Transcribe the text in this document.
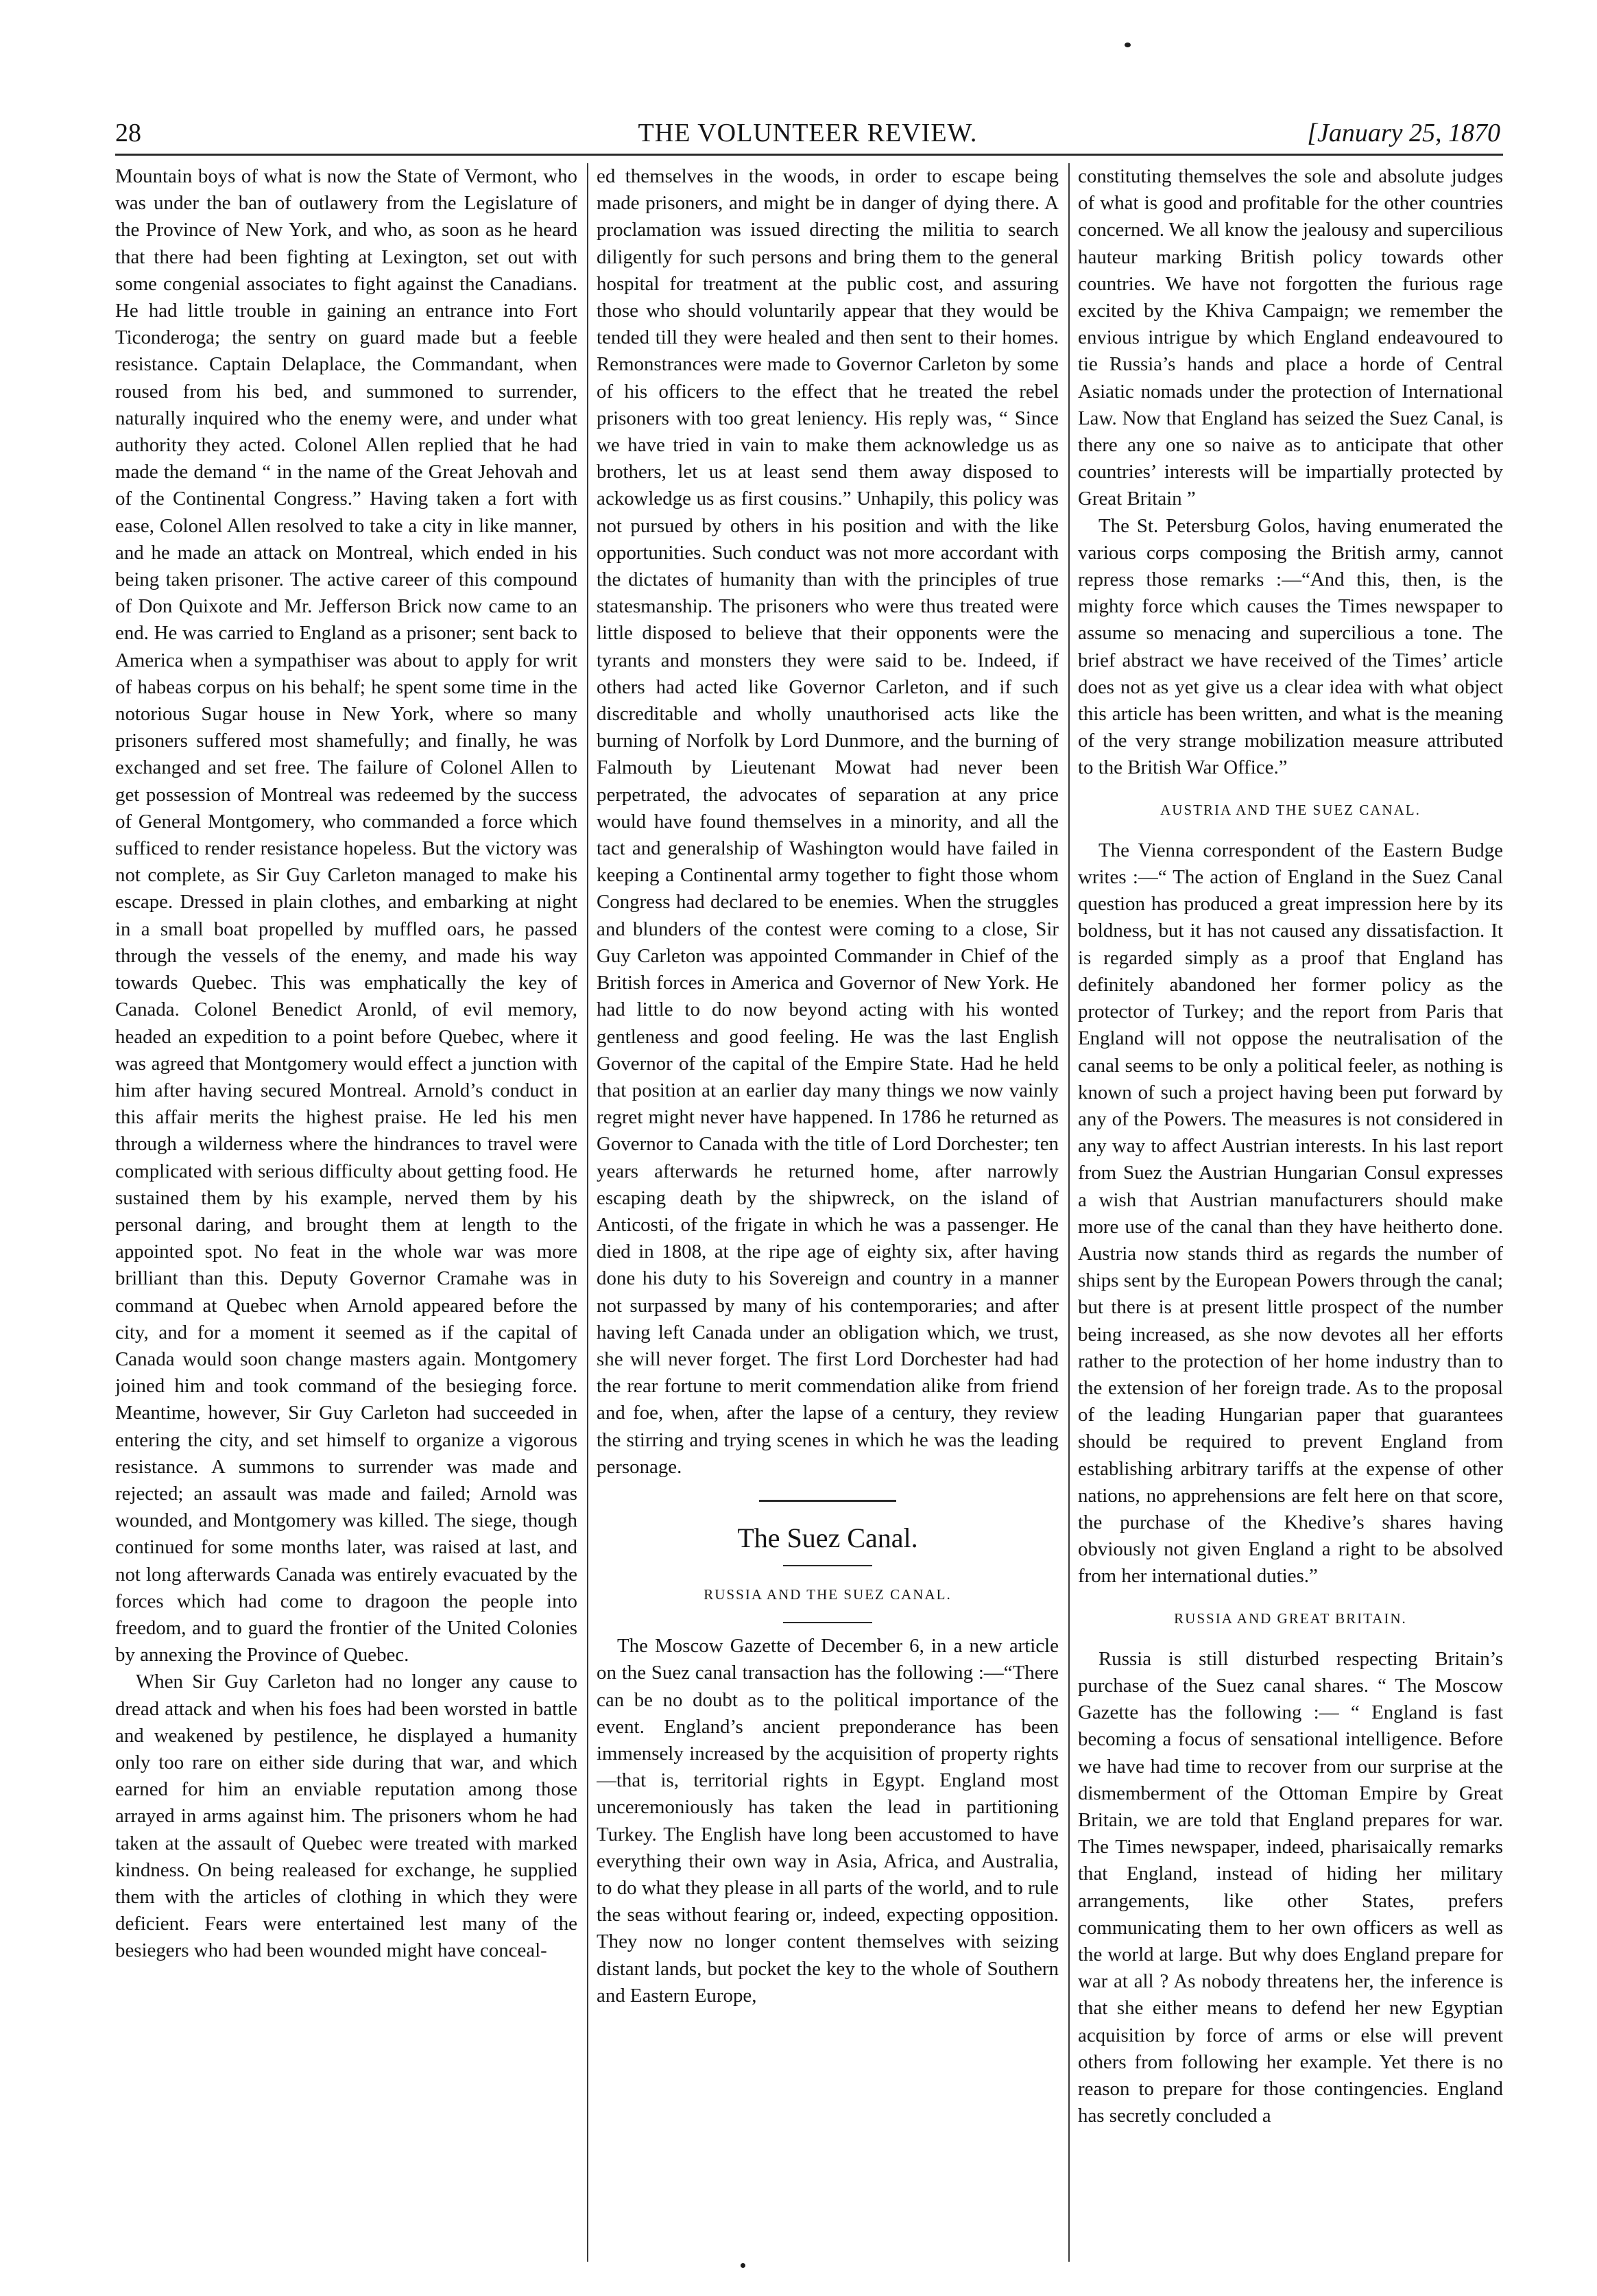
28	THE VOLUNTEER REVIEW.	[January 25, 1870

Mountain boys of what is now the State of Vermont, who was under the ban of outlawery from the Legislature of the Province of New York, and who, as soon as he heard that there had been fighting at Lexington, set out with some congenial associates to fight against the Canadians. He had little trouble in gaining an entrance into Fort Ticonderoga; the sentry on guard made but a feeble resistance. Captain Delaplace, the Commandant, when roused from his bed, and summoned to surrender, naturally inquired who the enemy were, and under what authority they acted. Colonel Allen replied that he had made the demand “ in the name of the Great Jehovah and of the Continental Congress.” Having taken a fort with ease, Colonel Allen resolved to take a city in like manner, and he made an attack on Montreal, which ended in his being taken prisoner. The active career of this compound of Don Quixote and Mr. Jefferson Brick now came to an end. He was carried to England as a prisoner; sent back to America when a sympathiser was about to apply for writ of habeas corpus on his behalf; he spent some time in the notorious Sugar house in New York, where so many prisoners suffered most shamefully; and finally, he was exchanged and set free. The failure of Colonel Allen to get possession of Montreal was redeemed by the success of General Montgomery, who commanded a force which sufficed to render resistance hopeless. But the victory was not complete, as Sir Guy Carleton managed to make his escape. Dressed in plain clothes, and embarking at night in a small boat propelled by muffled oars, he passed through the vessels of the enemy, and made his way towards Quebec. This was emphatically the key of Canada. Colonel Benedict Aronld, of evil memory, headed an expedition to a point before Quebec, where it was agreed that Montgomery would effect a junction with him after having secured Montreal. Arnold’s conduct in this affair merits the highest praise. He led his men through a wilderness where the hindrances to travel were complicated with serious difficulty about getting food. He sustained them by his example, nerved them by his personal daring, and brought them at length to the appointed spot. No feat in the whole war was more brilliant than this. Deputy Governor Cramahe was in command at Quebec when Arnold appeared before the city, and for a moment it seemed as if the capital of Canada would soon change masters again. Montgomery joined him and took command of the besieging force. Meantime, however, Sir Guy Carleton had succeeded in entering the city, and set himself to organize a vigorous resistance. A summons to surrender was made and rejected; an assault was made and failed; Arnold was wounded, and Montgomery was killed. The siege, though continued for some months later, was raised at last, and not long afterwards Canada was entirely evacuated by the forces which had come to dragoon the people into freedom, and to guard the frontier of the United Colonies by annexing the Province of Quebec.

When Sir Guy Carleton had no longer any cause to dread attack and when his foes had been worsted in battle and weakened by pestilence, he displayed a humanity only too rare on either side during that war, and which earned for him an enviable reputation among those arrayed in arms against him. The prisoners whom he had taken at the assault of Quebec were treated with marked kindness. On being realeased for exchange, he supplied them with the articles of clothing in which they were deficient. Fears were entertained lest many of the besiegers who had been wounded might have conceal-

ed themselves in the woods, in order to escape being made prisoners, and might be in danger of dying there. A proclamation was issued directing the militia to search diligently for such persons and bring them to the general hospital for treatment at the public cost, and assuring those who should voluntarily appear that they would be tended till they were healed and then sent to their homes. Remonstrances were made to Governor Carleton by some of his officers to the effect that he treated the rebel prisoners with too great leniency. His reply was, “ Since we have tried in vain to make them acknowledge us as brothers, let us at least send them away disposed to ackowledge us as first cousins.” Unhapily, this policy was not pursued by others in his position and with the like opportunities. Such conduct was not more accordant with the dictates of humanity than with the principles of true statesmanship. The prisoners who were thus treated were little disposed to believe that their opponents were the tyrants and monsters they were said to be. Indeed, if others had acted like Governor Carleton, and if such discreditable and wholly unauthorised acts like the burning of Norfolk by Lord Dunmore, and the burning of Falmouth by Lieutenant Mowat had never been perpetrated, the advocates of separation at any price would have found themselves in a minority, and all the tact and generalship of Washington would have failed in keeping a Continental army together to fight those whom Congress had declared to be enemies. When the struggles and blunders of the contest were coming to a close, Sir Guy Carleton was appointed Commander in Chief of the British forces in America and Governor of New York. He had little to do now beyond acting with his wonted gentleness and good feeling. He was the last English Governor of the capital of the Empire State. Had he held that position at an earlier day many things we now vainly regret might never have happened. In 1786 he returned as Governor to Canada with the title of Lord Dorchester; ten years afterwards he returned home, after narrowly escaping death by the shipwreck, on the island of Anticosti, of the frigate in which he was a passenger. He died in 1808, at the ripe age of eighty six, after having done his duty to his Sovereign and country in a manner not surpassed by many of his contemporaries; and after having left Canada under an obligation which, we trust, she will never forget. The first Lord Dorchester had had the rear fortune to merit commendation alike from friend and foe, when, after the lapse of a century, they review the stirring and trying scenes in which he was the leading personage.

The Suez Canal.
RUSSIA AND THE SUEZ CANAL.

The Moscow Gazette of December 6, in a new article on the Suez canal transaction has the following :—“There can be no doubt as to the political importance of the event. England’s ancient preponderance has been immensely increased by the acquisition of property rights—that is, territorial rights in Egypt. England most unceremoniously has taken the lead in partitioning Turkey. The English have long been accustomed to have everything their own way in Asia, Africa, and Australia, to do what they please in all parts of the world, and to rule the seas without fearing or, indeed, expecting opposition. They now no longer content themselves with seizing distant lands, but pocket the key to the whole of Southern and Eastern Europe,

constituting themselves the sole and absolute judges of what is good and profitable for the other countries concerned. We all know the jealousy and supercilious hauteur marking British policy towards other countries. We have not forgotten the furious rage excited by the Khiva Campaign; we remember the envious intrigue by which England endeavoured to tie Russia’s hands and place a horde of Central Asiatic nomads under the protection of International Law. Now that England has seized the Suez Canal, is there any one so naive as to anticipate that other countries’ interests will be impartially protected by Great Britain ”

The St. Petersburg Golos, having enumerated the various corps composing the British army, cannot repress those remarks :—“And this, then, is the mighty force which causes the Times newspaper to assume so menacing and supercilious a tone. The brief abstract we have received of the Times’ article does not as yet give us a clear idea with what object this article has been written, and what is the meaning of the very strange mobilization measure attributed to the British War Office.”

AUSTRIA AND THE SUEZ CANAL.

The Vienna correspondent of the Eastern Budge writes :—“ The action of England in the Suez Canal question has produced a great impression here by its boldness, but it has not caused any dissatisfaction. It is regarded simply as a proof that England has definitely abandoned her former policy as the protector of Turkey; and the report from Paris that England will not oppose the neutralisation of the canal seems to be only a political feeler, as nothing is known of such a project having been put forward by any of the Powers. The measures is not considered in any way to affect Austrian interests. In his last report from Suez the Austrian Hungarian Consul expresses a wish that Austrian manufacturers should make more use of the canal than they have heitherto done. Austria now stands third as regards the number of ships sent by the European Powers through the canal; but there is at present little prospect of the number being increased, as she now devotes all her efforts rather to the protection of her home industry than to the extension of her foreign trade. As to the proposal of the leading Hungarian paper that guarantees should be required to prevent England from establishing arbitrary tariffs at the expense of other nations, no apprehensions are felt here on that score, the purchase of the Khedive’s shares having obviously not given England a right to be absolved from her international duties.”

RUSSIA AND GREAT BRITAIN.

Russia is still disturbed respecting Britain’s purchase of the Suez canal shares. “ The Moscow Gazette has the following :— “ England is fast becoming a focus of sensational intelligence. Before we have had time to recover from our surprise at the dismemberment of the Ottoman Empire by Great Britain, we are told that England prepares for war. The Times newspaper, indeed, pharisaically remarks that England, instead of hiding her military arrangements, like other States, prefers communicating them to her own officers as well as the world at large. But why does England prepare for war at all ? As nobody threatens her, the inference is that she either means to defend her new Egyptian acquisition by force of arms or else will prevent others from following her example. Yet there is no reason to prepare for those contingencies. England has secretly concluded a
